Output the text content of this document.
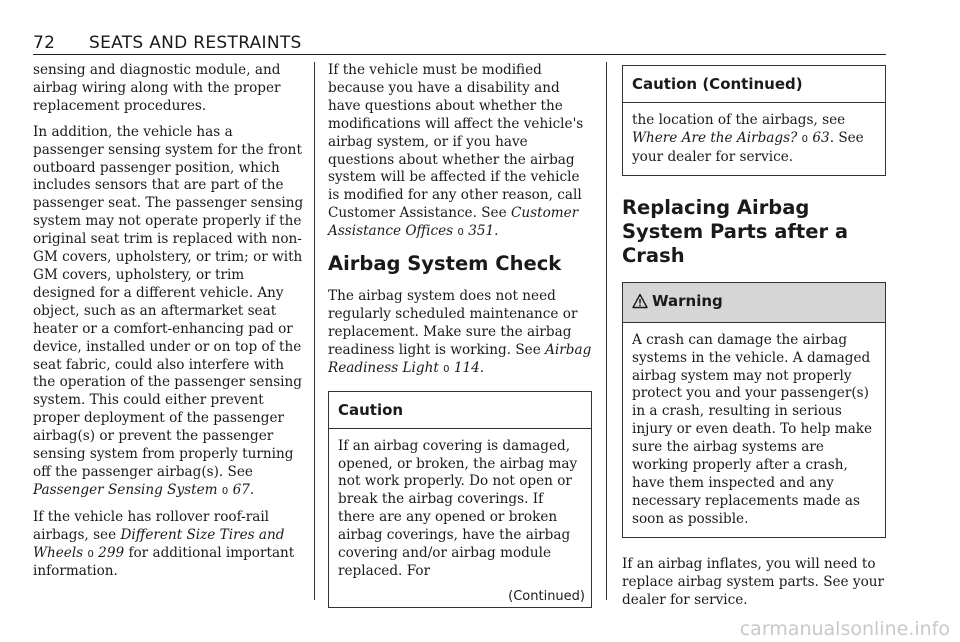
72 SEATS AND RESTRAINTS

sensing and diagnostic module, and airbag wiring along with the proper replacement procedures.

In addition, the vehicle has a passenger sensing system for the front outboard passenger position, which includes sensors that are part of the passenger seat. The passenger sensing system may not operate properly if the original seat trim is replaced with non-GM covers, upholstery, or trim; or with GM covers, upholstery, or trim designed for a different vehicle. Any object, such as an aftermarket seat heater or a comfort-enhancing pad or device, installed under or on top of the seat fabric, could also interfere with the operation of the passenger sensing system. This could either prevent proper deployment of the passenger airbag(s) or prevent the passenger sensing system from properly turning off the passenger airbag(s). See Passenger Sensing System 0 67.

If the vehicle has rollover roof-rail airbags, see Different Size Tires and Wheels 0 299 for additional important information.

If the vehicle must be modified because you have a disability and have questions about whether the modifications will affect the vehicle's airbag system, or if you have questions about whether the airbag system will be affected if the vehicle is modified for any other reason, call Customer Assistance. See Customer Assistance Offices 0 351.

Airbag System Check

The airbag system does not need regularly scheduled maintenance or replacement. Make sure the airbag readiness light is working. See Airbag Readiness Light 0 114.

Caution

If an airbag covering is damaged, opened, or broken, the airbag may not work properly. Do not open or break the airbag coverings. If there are any opened or broken airbag coverings, have the airbag covering and/or airbag module replaced. For

(Continued)
Caution (Continued)

the location of the airbags, see Where Are the Airbags? 0 63. See your dealer for service.

Replacing Airbag System Parts after a Crash
Warning

A crash can damage the airbag systems in the vehicle. A damaged airbag system may not properly protect you and your passenger(s) in a crash, resulting in serious injury or even death. To help make sure the airbag systems are working properly after a crash, have them inspected and any necessary replacements made as soon as possible.

If an airbag inflates, you will need to replace airbag system parts. See your dealer for service.

carmanualsonline.info
